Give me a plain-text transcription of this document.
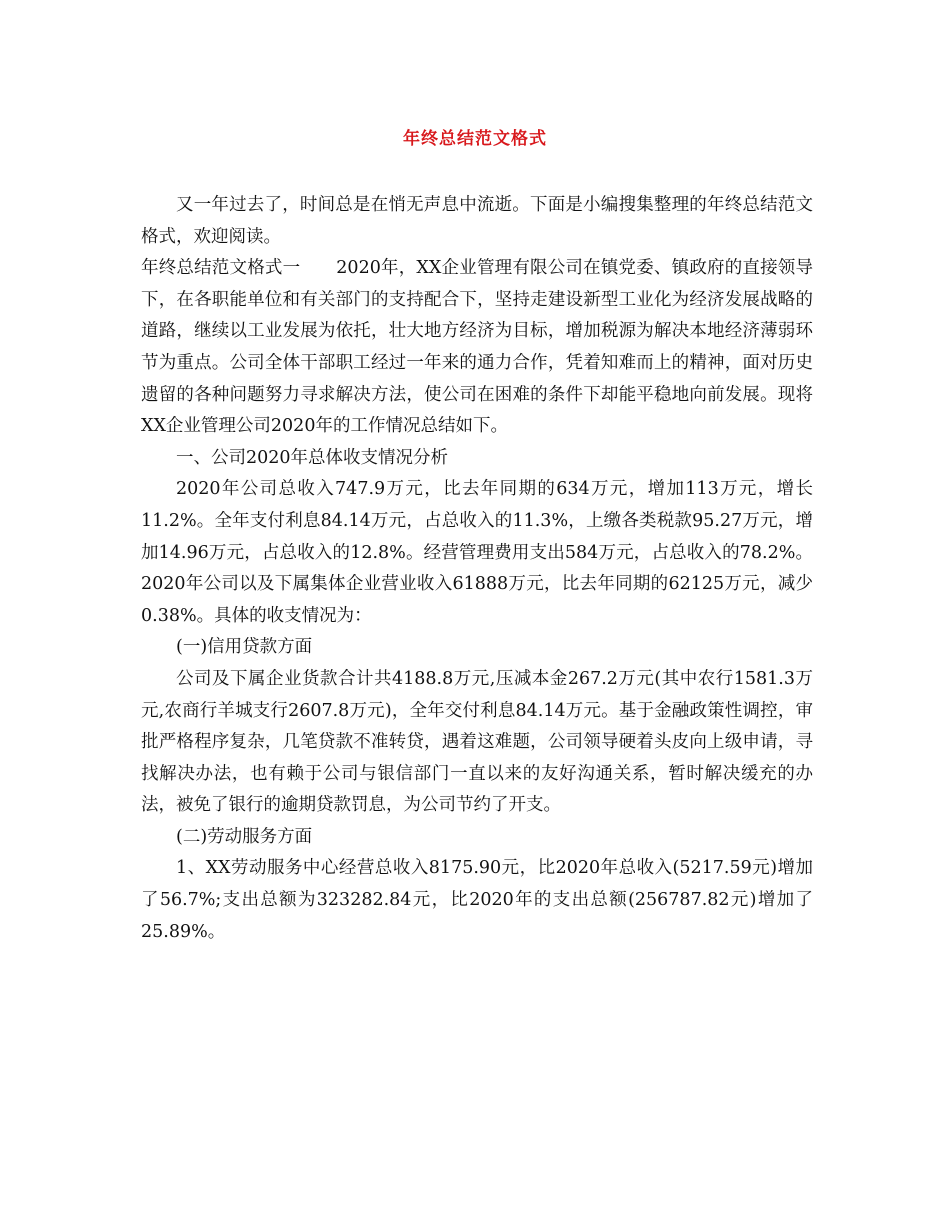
年终总结范文格式

又一年过去了，时间总是在悄无声息中流逝。下面是小编搜集整理的年终总结范文格式，欢迎阅读。

年终总结范文格式一 2020年，XX企业管理有限公司在镇党委、镇政府的直接领导下，在各职能单位和有关部门的支持配合下，坚持走建设新型工业化为经济发展战略的道路，继续以工业发展为依托，壮大地方经济为目标，增加税源为解决本地经济薄弱环节为重点。公司全体干部职工经过一年来的通力合作，凭着知难而上的精神，面对历史遗留的各种问题努力寻求解决方法，使公司在困难的条件下却能平稳地向前发展。现将XX企业管理公司2020年的工作情况总结如下。

一、公司2020年总体收支情况分析

2020年公司总收入747.9万元，比去年同期的634万元，增加113万元，增长11.2%。全年支付利息84.14万元，占总收入的11.3%，上缴各类税款95.27万元，增加14.96万元，占总收入的12.8%。经营管理费用支出584万元，占总收入的78.2%。2020年公司以及下属集体企业营业收入61888万元，比去年同期的62125万元，减少0.38%。具体的收支情况为：

(一)信用贷款方面

公司及下属企业货款合计共4188.8万元,压减本金267.2万元(其中农行1581.3万元,农商行羊城支行2607.8万元)，全年交付利息84.14万元。基于金融政策性调控，审批严格程序复杂，几笔贷款不准转贷，遇着这难题，公司领导硬着头皮向上级申请，寻找解决办法，也有赖于公司与银信部门一直以来的友好沟通关系，暂时解决缓充的办法，被免了银行的逾期贷款罚息，为公司节约了开支。

(二)劳动服务方面

1、XX劳动服务中心经营总收入8175.90元，比2020年总收入(5217.59元)增加了56.7%;支出总额为323282.84元，比2020年的支出总额(256787.82元)增加了25.89%。
